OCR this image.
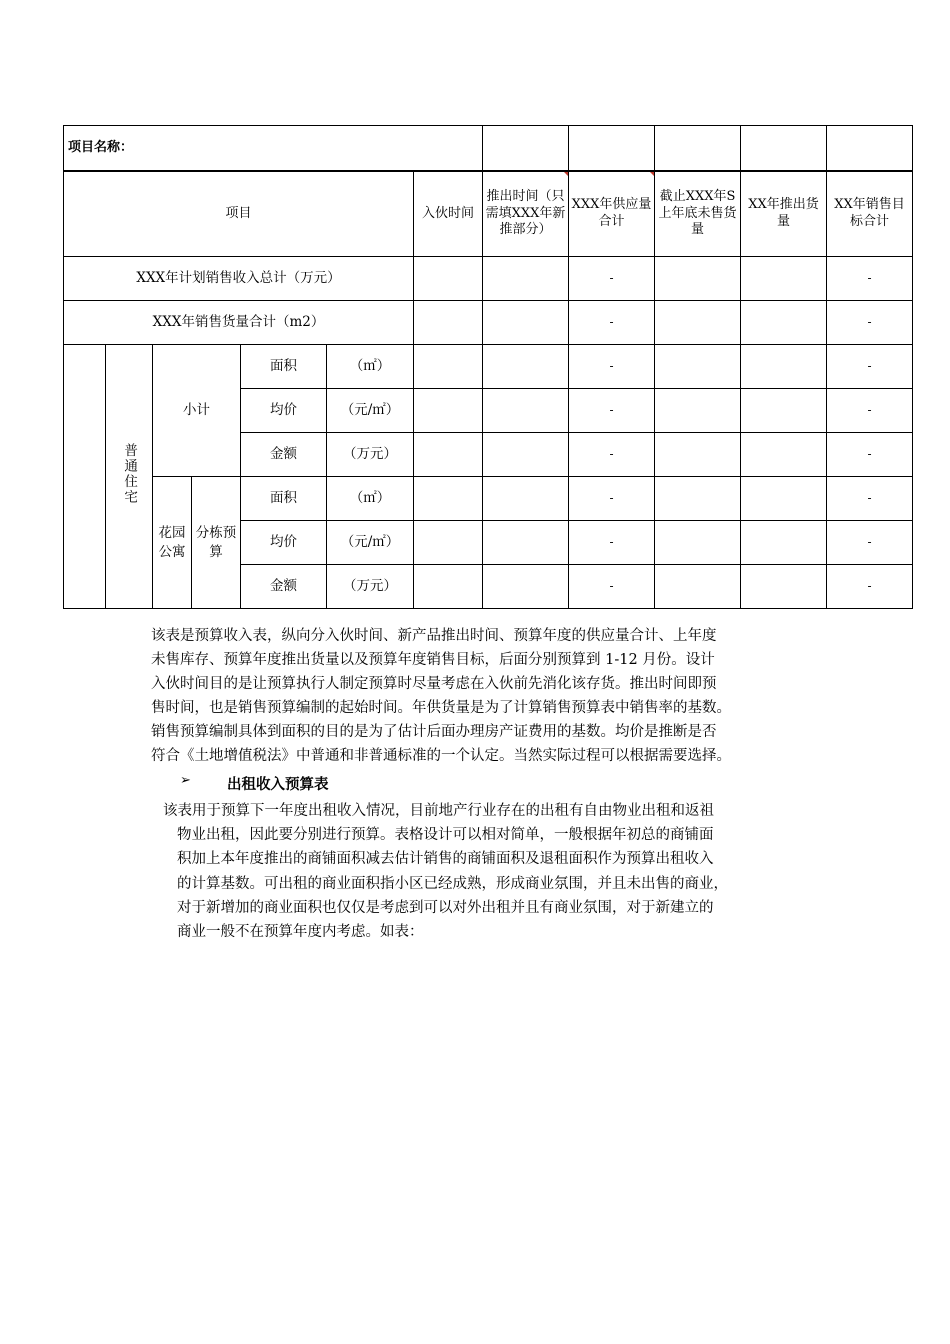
项目名称：											
项目						入伙时间	推出时间（只需填XXX年新推部分）	XXX年供应量合计	截止XXX年S上年底未售货量	XX年推出货量	XX年销售目标合计
XXX年计划销售收入总计（万元）								-			-
XXX年销售货量合计（m2）								-			-
	普通住宅	小计		面积	（㎡）			-			-
				均价	（元/㎡）			-			-
				金额	（万元）			-			-
		花园公寓	分栋预算	面积	（㎡）			-			-
				均价	（元/㎡）			-			-
				金额	（万元）			-			-

该表是预算收入表，纵向分入伙时间、新产品推出时间、预算年度的供应量合计、上年度

未售库存、预算年度推出货量以及预算年度销售目标，后面分别预算到 1-12 月份。设计

入伙时间目的是让预算执行人制定预算时尽量考虑在入伙前先消化该存货。推出时间即预

售时间，也是销售预算编制的起始时间。年供货量是为了计算销售预算表中销售率的基数。

销售预算编制具体到面积的目的是为了估计后面办理房产证费用的基数。均价是推断是否

符合《土地增值税法》中普通和非普通标准的一个认定。当然实际过程可以根据需要选择。

➢ 出租收入预算表

该表用于预算下一年度出租收入情况，目前地产行业存在的出租有自由物业出租和返祖

物业出租，因此要分别进行预算。表格设计可以相对简单，一般根据年初总的商铺面

积加上本年度推出的商铺面积减去估计销售的商铺面积及退租面积作为预算出租收入

的计算基数。可出租的商业面积指小区已经成熟，形成商业氛围，并且未出售的商业，

对于新增加的商业面积也仅仅是考虑到可以对外出租并且有商业氛围，对于新建立的

商业一般不在预算年度内考虑。如表：
